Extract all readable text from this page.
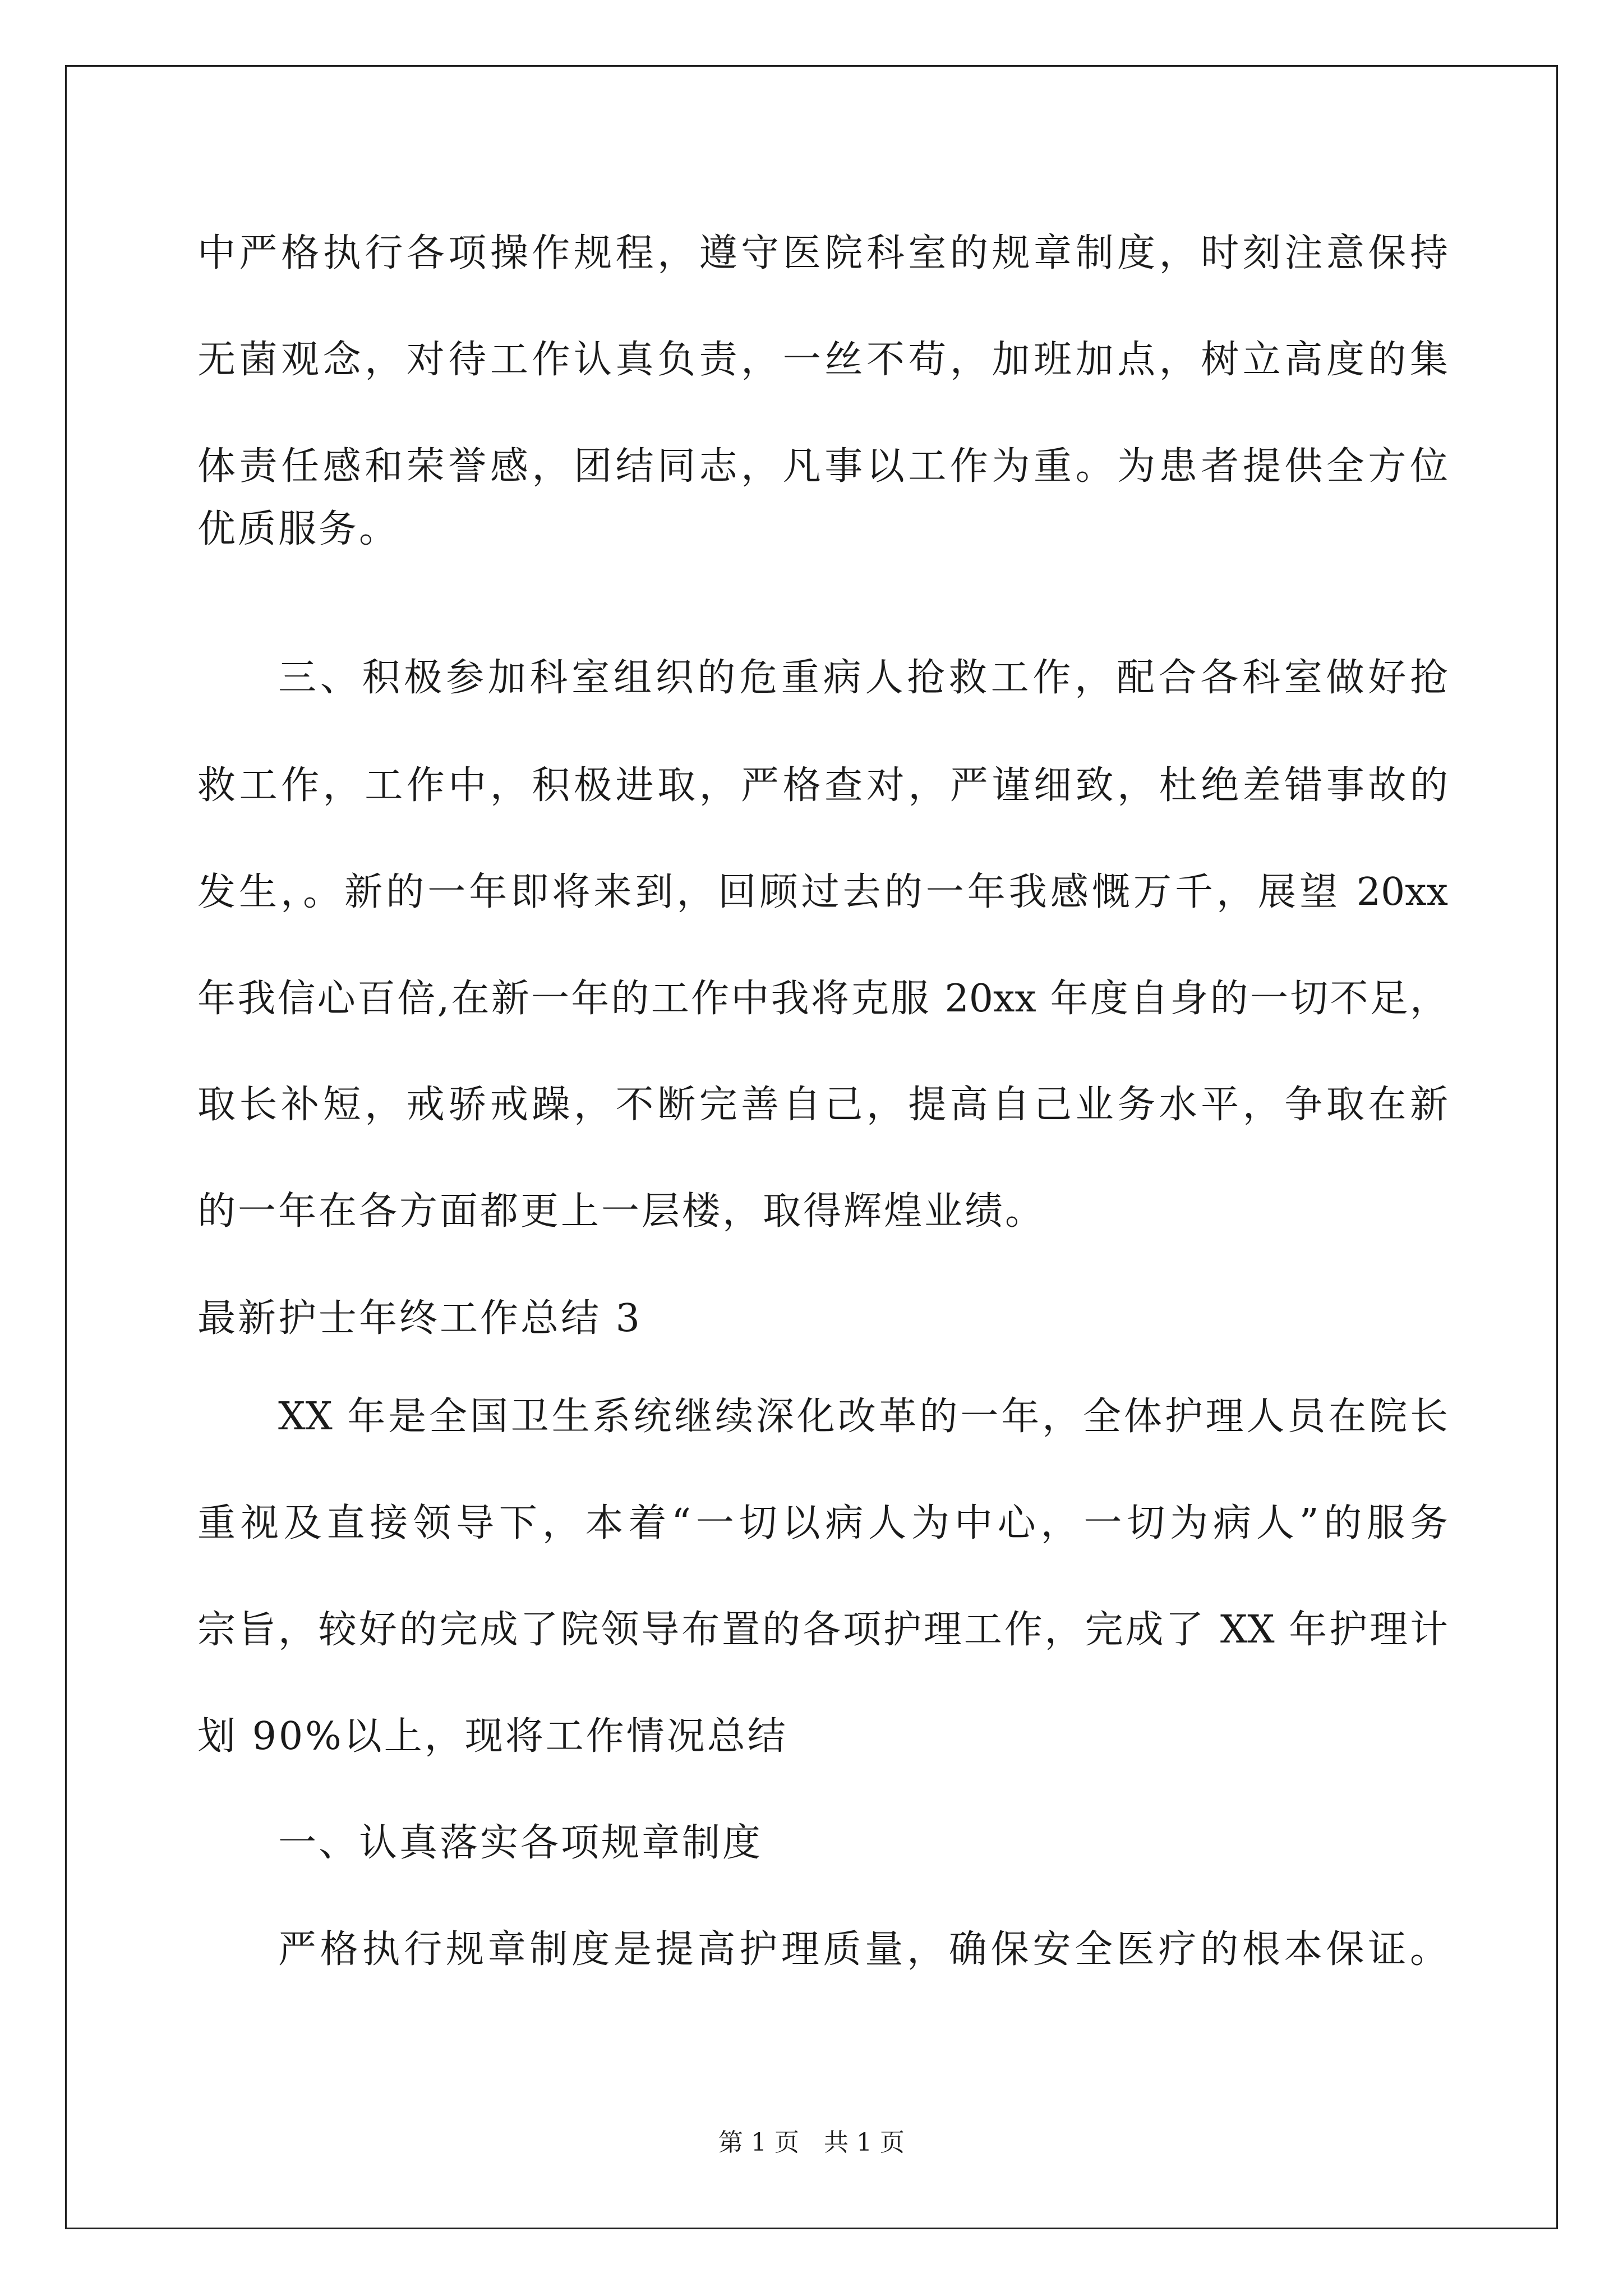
中严格执行各项操作规程，遵守医院科室的规章制度，时刻注意保持
无菌观念，对待工作认真负责，一丝不苟，加班加点，树立高度的集
体责任感和荣誉感，团结同志，凡事以工作为重。为患者提供全方位
优质服务。
三、积极参加科室组织的危重病人抢救工作，配合各科室做好抢
救工作，工作中，积极进取，严格查对，严谨细致，杜绝差错事故的
发生，。新的一年即将来到，回顾过去的一年我感慨万千，展望 20xx
年我信心百倍,在新一年的工作中我将克服 20xx 年度自身的一切不足，
取长补短，戒骄戒躁，不断完善自己，提高自己业务水平，争取在新
的一年在各方面都更上一层楼，取得辉煌业绩。
最新护士年终工作总结 3
XX 年是全国卫生系统继续深化改革的一年，全体护理人员在院长
重视及直接领导下，本着“一切以病人为中心，一切为病人”的服务
宗旨，较好的完成了院领导布置的各项护理工作，完成了 XX 年护理计
划 90%以上，现将工作情况总结
一、认真落实各项规章制度
严格执行规章制度是提高护理质量，确保安全医疗的根本保证。
第 1 页　共 1 页
